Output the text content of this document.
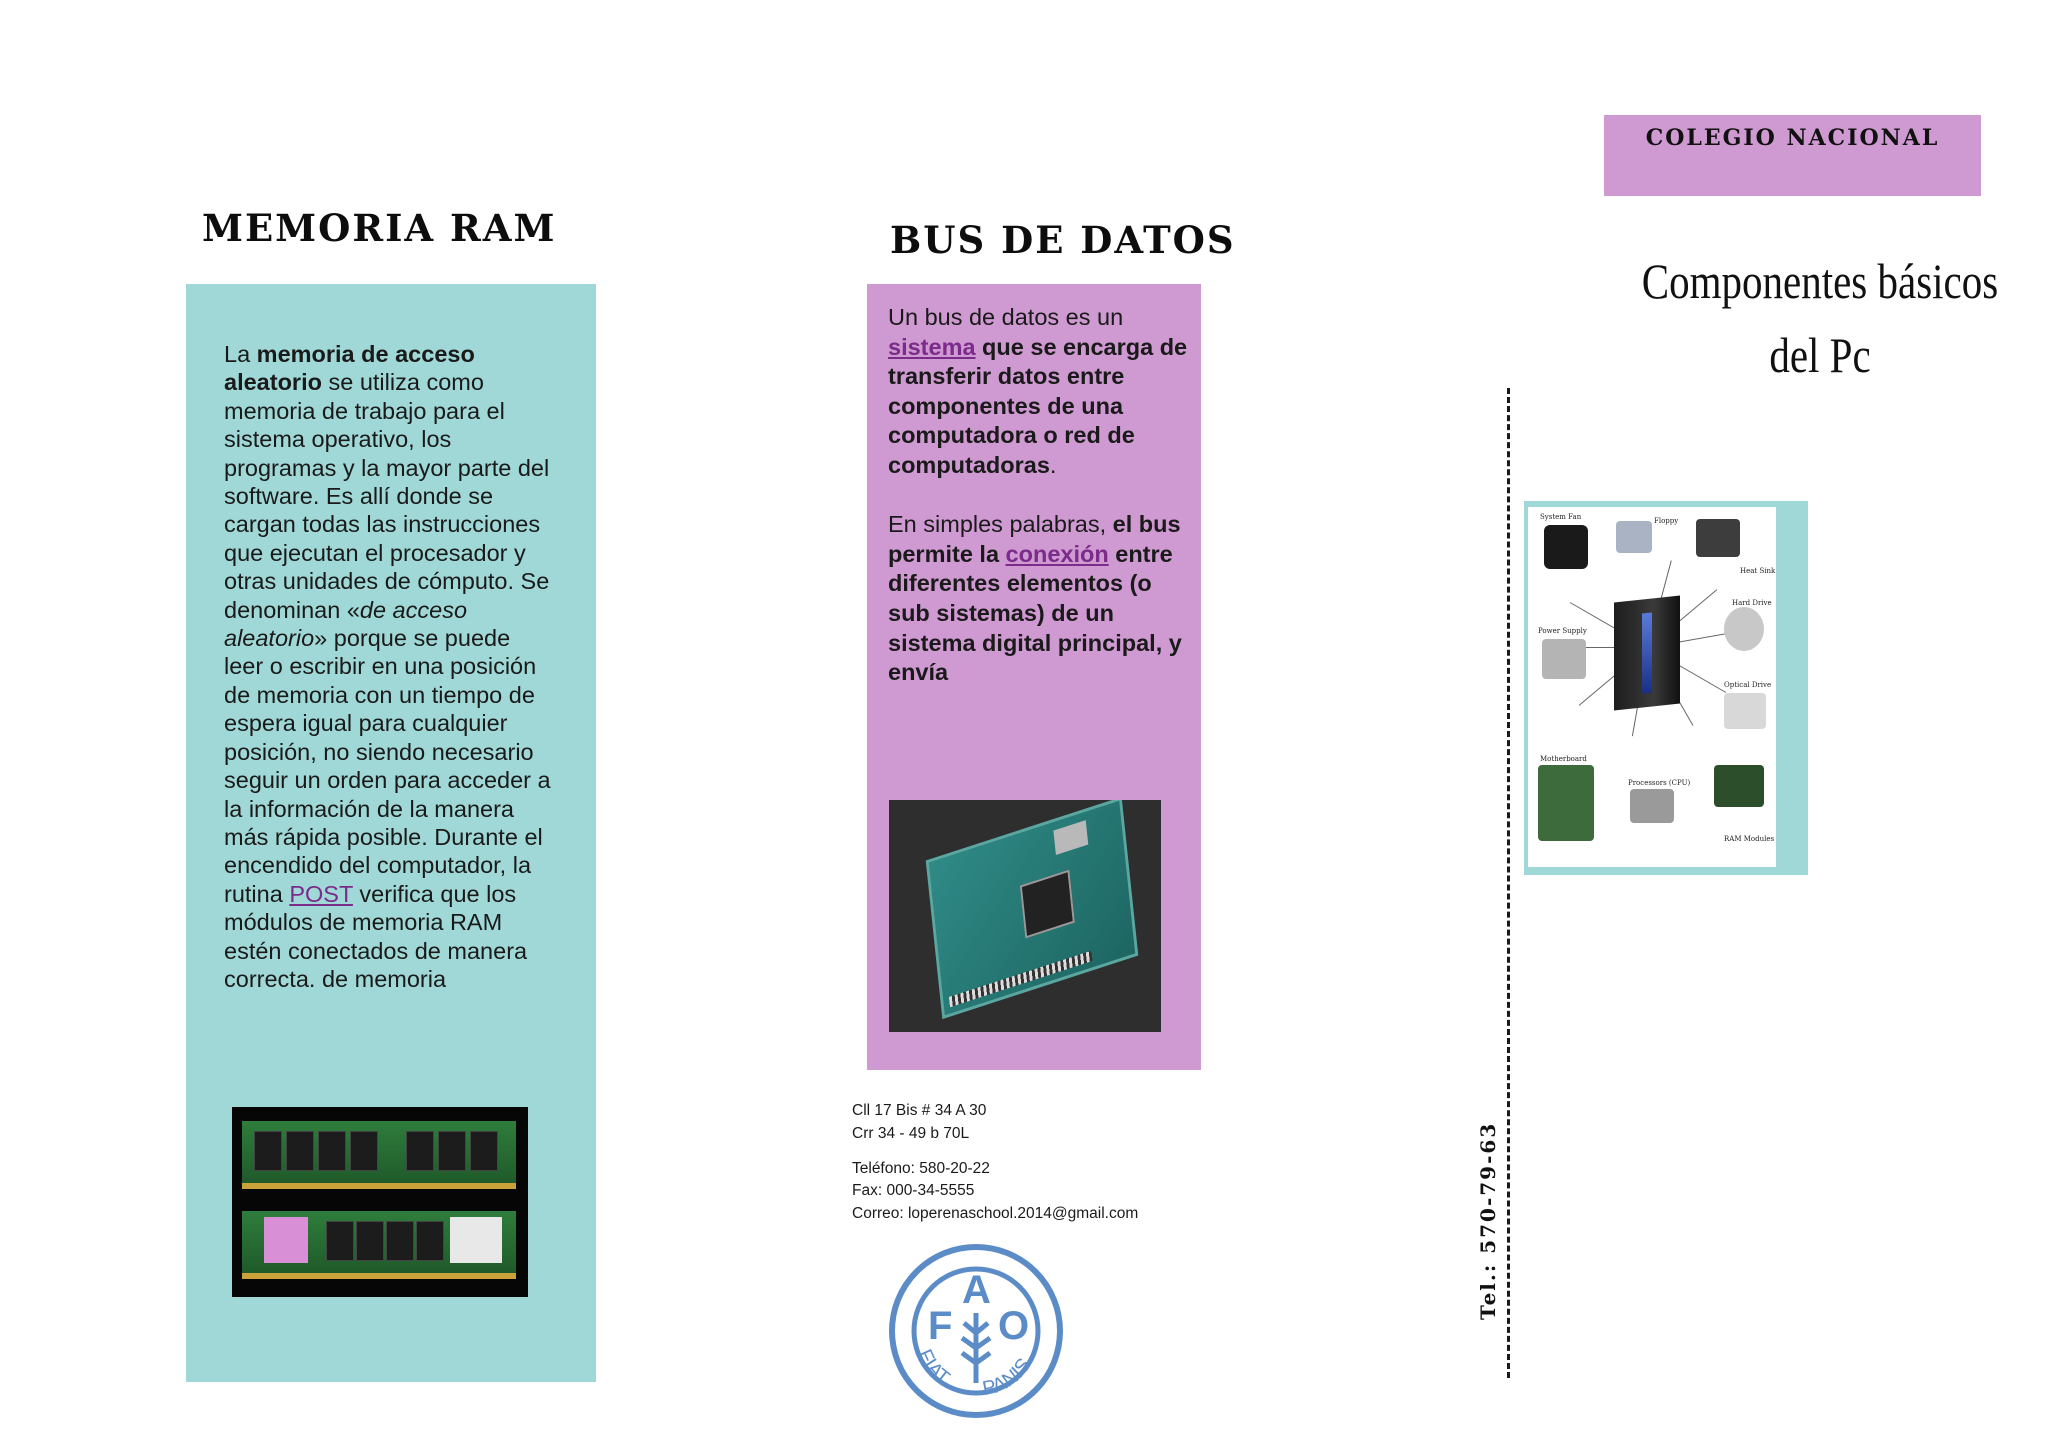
MEMORIA RAM

La memoria de acceso aleatorio se utiliza como memoria de trabajo para el sistema operativo, los programas y la mayor parte del software. Es allí donde se cargan todas las instrucciones que ejecutan el procesador y otras unidades de cómputo. Se denominan «de acceso aleatorio» porque se puede leer o escribir en una posición de memoria con un tiempo de espera igual para cualquier posición, no siendo necesario seguir un orden para acceder a la información de la manera más rápida posible. Durante el encendido del computador, la rutina POST verifica que los módulos de memoria RAM estén conectados de manera correcta. de memoria

BUS DE DATOS

Un bus de datos es un sistema que se encarga de transferir datos entre componentes de una computadora o red de computadoras.

En simples palabras, el bus permite la conexión entre diferentes elementos (o sub sistemas) de un sistema digital principal, y envía

Cll 17 Bis # 34 A 30
Crr 34 - 49 b 70L
Teléfono: 580-20-22
Fax: 000-34-5555
Correo: loperenaschool.2014@gmail.com
F
A
O
FIAT PANIS
COLEGIO NACIONAL
Componentes básicos
del Pc
Tel.: 570-79-63
System Fan	Floppy
Heat Sink
Hard Drive
Power Supply
Optical Drive
Motherboard
Processors (CPU)
RAM Modules
